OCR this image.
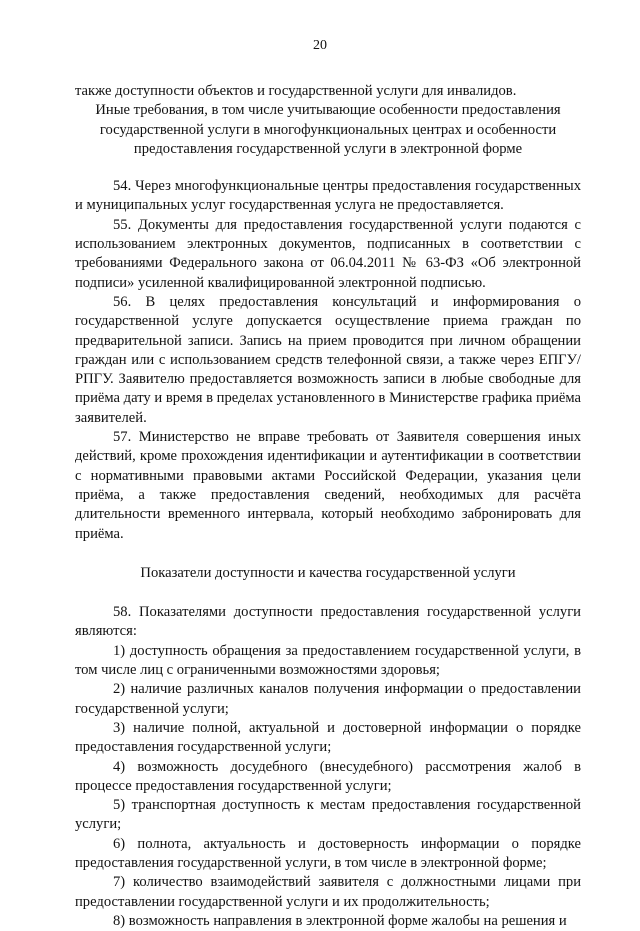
20

также доступности объектов и государственной услуги для инвалидов.

Иные требования, в том числе учитывающие особенности предоставления
государственной услуги в многофункциональных центрах и особенности
предоставления государственной услуги в электронной форме

54. Через многофункциональные центры предоставления государственных и муниципальных услуг государственная услуга не предоставляется.

55. Документы для предоставления государственной услуги подаются с использованием электронных документов, подписанных в соответствии с требованиями Федерального закона от 06.04.2011 № 63-ФЗ «Об электронной подписи» усиленной квалифицированной электронной подписью.

56. В целях предоставления консультаций и информирования о государственной услуге допускается осуществление приема граждан по предварительной записи. Запись на прием проводится при личном обращении граждан или с использованием средств телефонной связи, а также через ЕПГУ/РПГУ. Заявителю предоставляется возможность записи в любые свободные для приёма дату и время в пределах установленного в Министерстве графика приёма заявителей.

57. Министерство не вправе требовать от Заявителя совершения иных действий, кроме прохождения идентификации и аутентификации в соответствии с нормативными правовыми актами Российской Федерации, указания цели приёма, а также предоставления сведений, необходимых для расчёта длительности временного интервала, который необходимо забронировать для приёма.

Показатели доступности и качества государственной услуги

58. Показателями доступности предоставления государственной услуги являются:

1) доступность обращения за предоставлением государственной услуги, в том числе лиц с ограниченными возможностями здоровья;

2) наличие различных каналов получения информации о предоставлении государственной услуги;

3) наличие полной, актуальной и достоверной информации о порядке предоставления государственной услуги;

4) возможность досудебного (внесудебного) рассмотрения жалоб в процессе предоставления государственной услуги;

5) транспортная доступность к местам предоставления государственной услуги;

6) полнота, актуальность и достоверность информации о порядке предоставления государственной услуги, в том числе в электронной форме;

7) количество взаимодействий заявителя с должностными лицами при предоставлении государственной услуги и их продолжительность;

8) возможность направления в электронной форме жалобы на решения и
